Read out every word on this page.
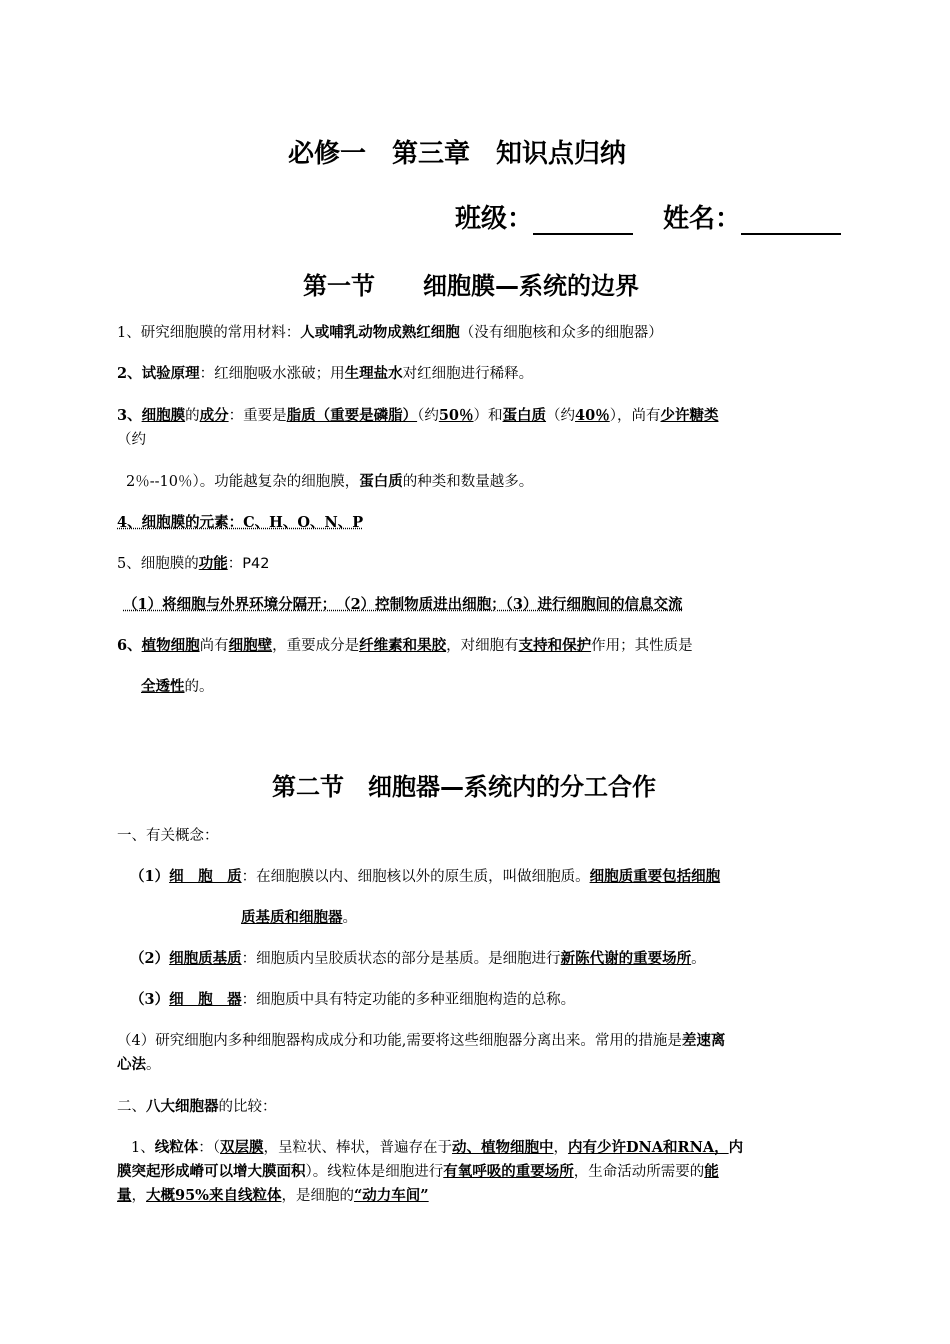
必修一　第三章　知识点归纳
班级：	姓名：
第一节　　细胞膜—系统的边界
1、研究细胞膜的常用材料：人或哺乳动物成熟红细胞（没有细胞核和众多的细胞器）
2、试验原理：红细胞吸水涨破；用生理盐水对红细胞进行稀释。
3、细胞膜的成分：重要是脂质（重要是磷脂）（约50％）和蛋白质（约40％），尚有少许糖类
（约
2％--10％）。功能越复杂的细胞膜，蛋白质的种类和数量越多。
4、细胞膜的元素：C、H、O、N、P
5、细胞膜的功能：P42
（1）将细胞与外界环境分隔开；　（2）控制物质进出细胞；（3）进行细胞间的信息交流
6、植物细胞尚有细胞壁，重要成分是纤维素和果胶，对细胞有支持和保护作用；其性质是
全透性的。
第二节　细胞器—系统内的分工合作
一、有关概念：
（1）细　胞　质：在细胞膜以内、细胞核以外的原生质，叫做细胞质。细胞质重要包括细胞
质基质和细胞器。
（2）细胞质基质：细胞质内呈胶质状态的部分是基质。是细胞进行新陈代谢的重要场所。
（3）细　胞　器：细胞质中具有特定功能的多种亚细胞构造的总称。
（4）研究细胞内多种细胞器构成成分和功能,需要将这些细胞器分离出来。常用的措施是差速离
心法。
二、八大细胞器的比较：
1、线粒体：（双层膜，呈粒状、棒状，普遍存在于动、植物细胞中，内有少许DNA和RNA，内
膜突起形成嵴可以增大膜面积）。线粒体是细胞进行有氧呼吸的重要场所，生命活动所需要的能
量，大概95%来自线粒体，是细胞的“动力车间”
